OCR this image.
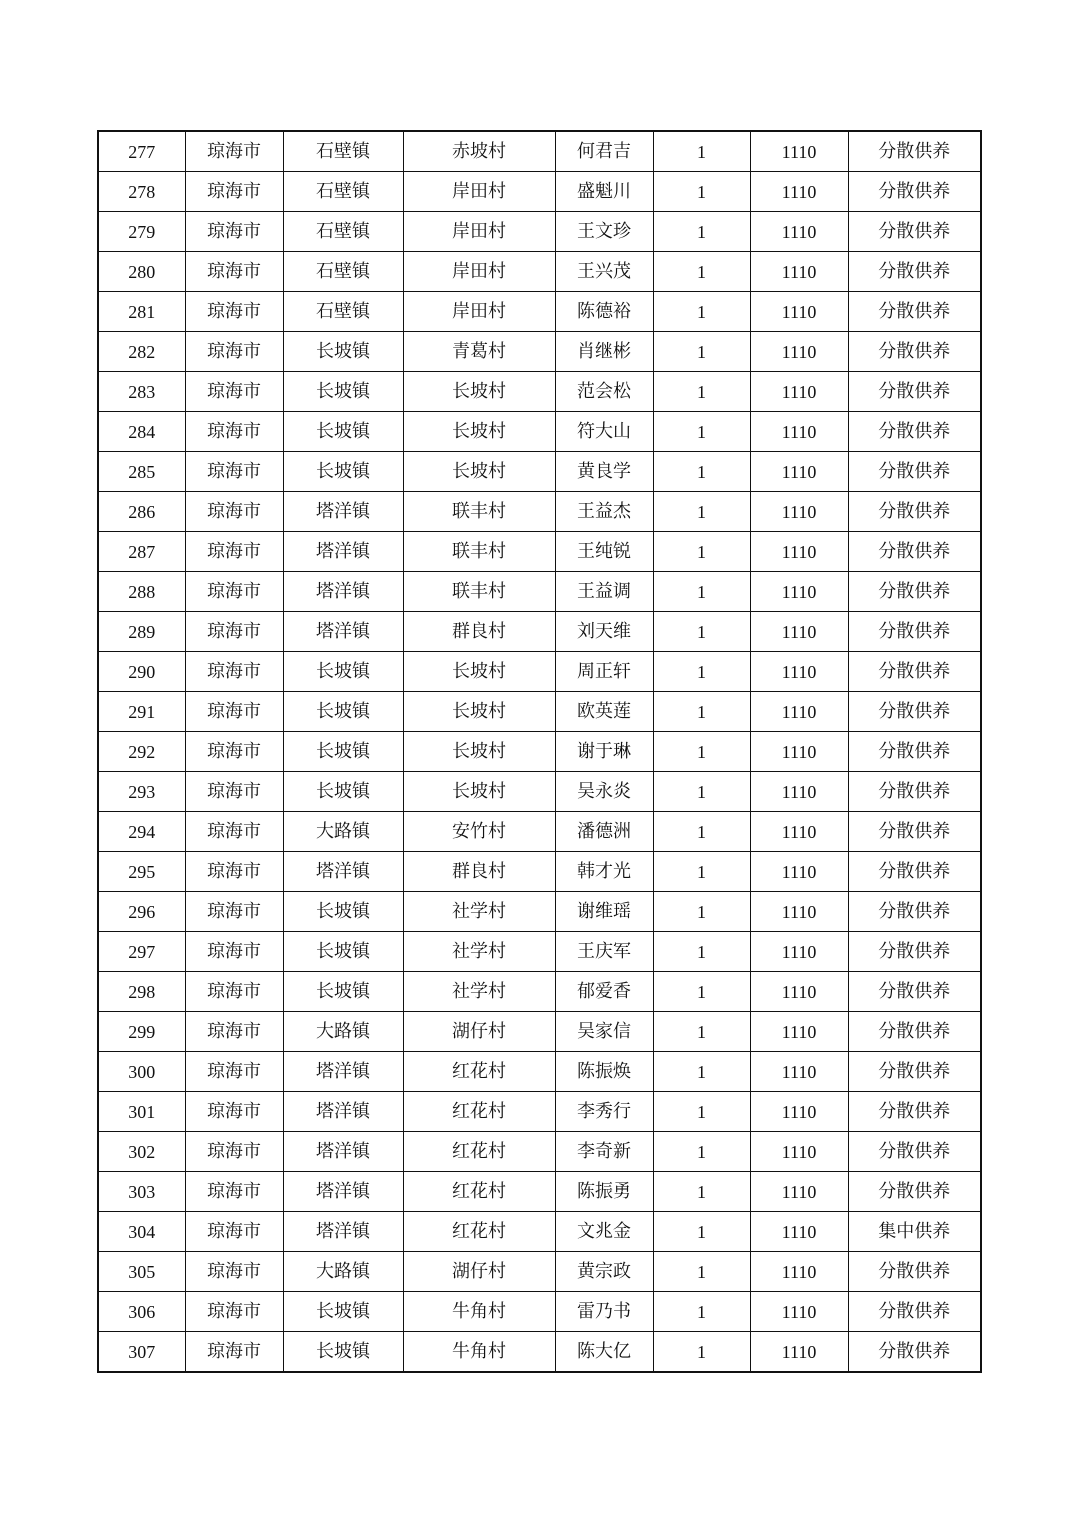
277	琼海市	石壁镇	赤坡村	何君吉	1	1110	分散供养
278	琼海市	石壁镇	岸田村	盛魁川	1	1110	分散供养
279	琼海市	石壁镇	岸田村	王文珍	1	1110	分散供养
280	琼海市	石壁镇	岸田村	王兴茂	1	1110	分散供养
281	琼海市	石壁镇	岸田村	陈德裕	1	1110	分散供养
282	琼海市	长坡镇	青葛村	肖继彬	1	1110	分散供养
283	琼海市	长坡镇	长坡村	范会松	1	1110	分散供养
284	琼海市	长坡镇	长坡村	符大山	1	1110	分散供养
285	琼海市	长坡镇	长坡村	黄良学	1	1110	分散供养
286	琼海市	塔洋镇	联丰村	王益杰	1	1110	分散供养
287	琼海市	塔洋镇	联丰村	王纯锐	1	1110	分散供养
288	琼海市	塔洋镇	联丰村	王益调	1	1110	分散供养
289	琼海市	塔洋镇	群良村	刘天维	1	1110	分散供养
290	琼海市	长坡镇	长坡村	周正轩	1	1110	分散供养
291	琼海市	长坡镇	长坡村	欧英莲	1	1110	分散供养
292	琼海市	长坡镇	长坡村	谢于琳	1	1110	分散供养
293	琼海市	长坡镇	长坡村	吴永炎	1	1110	分散供养
294	琼海市	大路镇	安竹村	潘德洲	1	1110	分散供养
295	琼海市	塔洋镇	群良村	韩才光	1	1110	分散供养
296	琼海市	长坡镇	社学村	谢维瑶	1	1110	分散供养
297	琼海市	长坡镇	社学村	王庆军	1	1110	分散供养
298	琼海市	长坡镇	社学村	郁爱香	1	1110	分散供养
299	琼海市	大路镇	湖仔村	吴家信	1	1110	分散供养
300	琼海市	塔洋镇	红花村	陈振焕	1	1110	分散供养
301	琼海市	塔洋镇	红花村	李秀行	1	1110	分散供养
302	琼海市	塔洋镇	红花村	李奇新	1	1110	分散供养
303	琼海市	塔洋镇	红花村	陈振勇	1	1110	分散供养
304	琼海市	塔洋镇	红花村	文兆金	1	1110	集中供养
305	琼海市	大路镇	湖仔村	黄宗政	1	1110	分散供养
306	琼海市	长坡镇	牛角村	雷乃书	1	1110	分散供养
307	琼海市	长坡镇	牛角村	陈大亿	1	1110	分散供养
